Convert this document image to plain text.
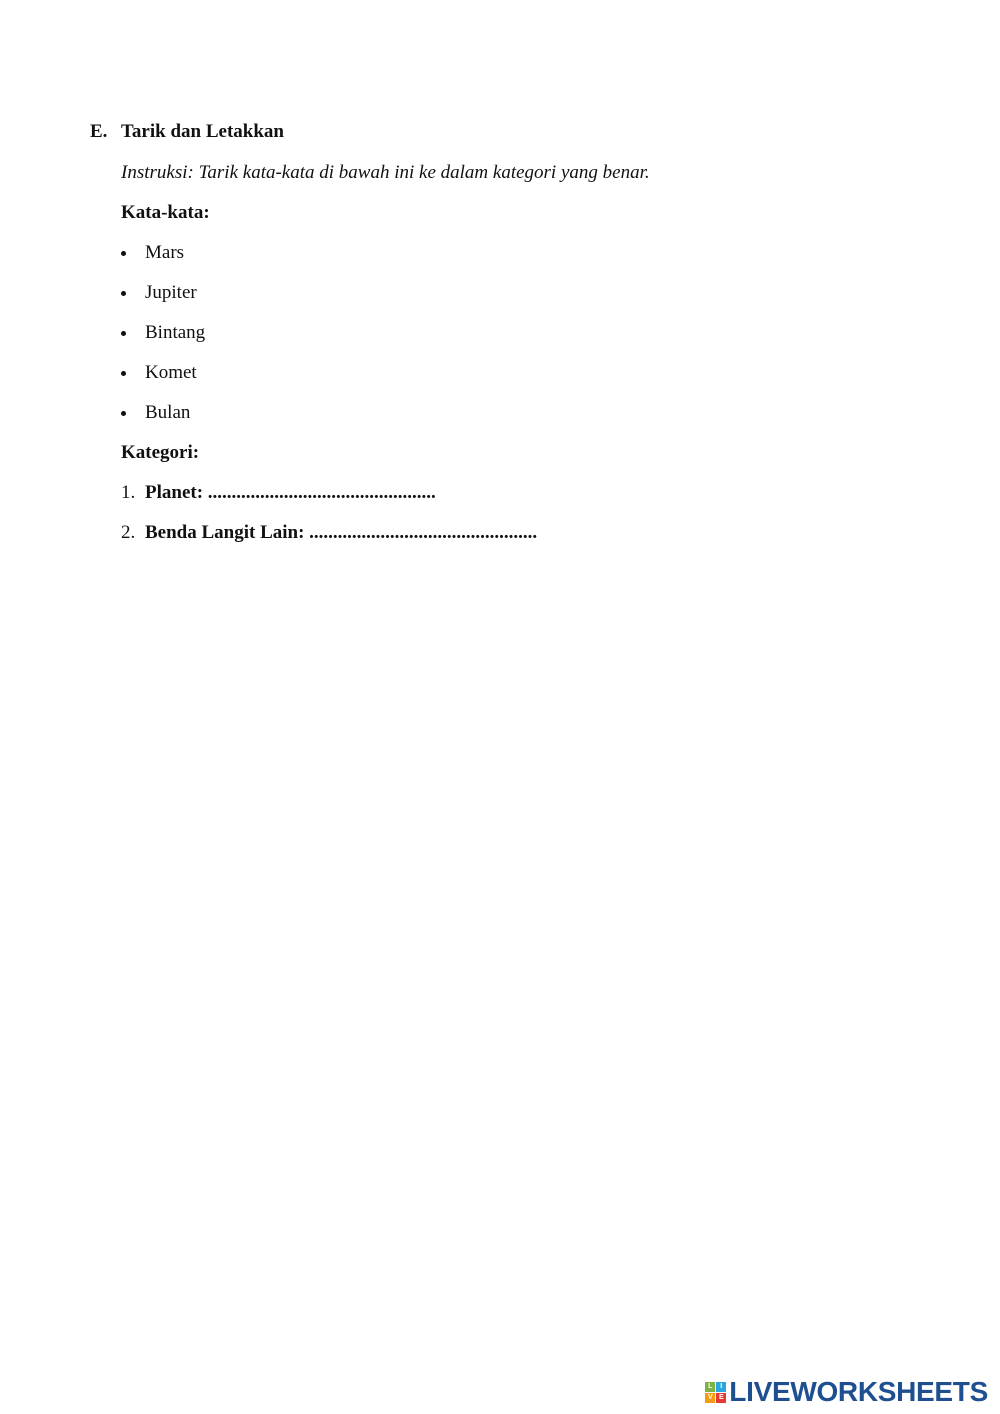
E. Tarik dan Letakkan

Instruksi: Tarik kata-kata di bawah ini ke dalam kategori yang benar.

Kata-kata:

Mars
Jupiter
Bintang
Komet
Bulan

Kategori:

1. Planet: ................................................
2. Benda Langit Lain: ................................................
L	I
V E LIVEWORKSHEETS
